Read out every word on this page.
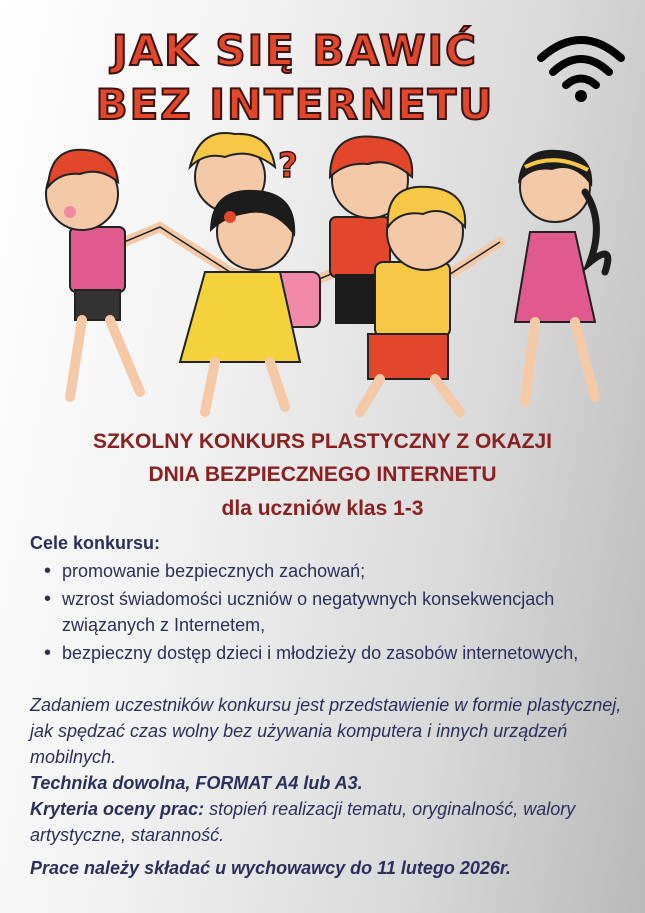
JAK SIĘ BAWIĆ
BEZ INTERNETU
?
SZKOLNY KONKURS PLASTYCZNY Z OKAZJI
DNIA BEZPIECZNEGO INTERNETU
dla uczniów klas 1-3
Cele konkursu:
• promowanie bezpiecznych zachowań;
• wzrost świadomości uczniów o negatywnych konsekwencjach związanych z Internetem,
• bezpieczny dostęp dzieci i młodzieży do zasobów internetowych,
Zadaniem uczestników konkursu jest przedstawienie w formie plastycznej, jak spędzać czas wolny bez używania komputera i innych urządzeń mobilnych.
Technika dowolna, FORMAT A4 lub A3.
Kryteria oceny prac: stopień realizacji tematu, oryginalność, walory artystyczne, staranność.
Prace należy składać u wychowawcy do 11 lutego 2026r.
